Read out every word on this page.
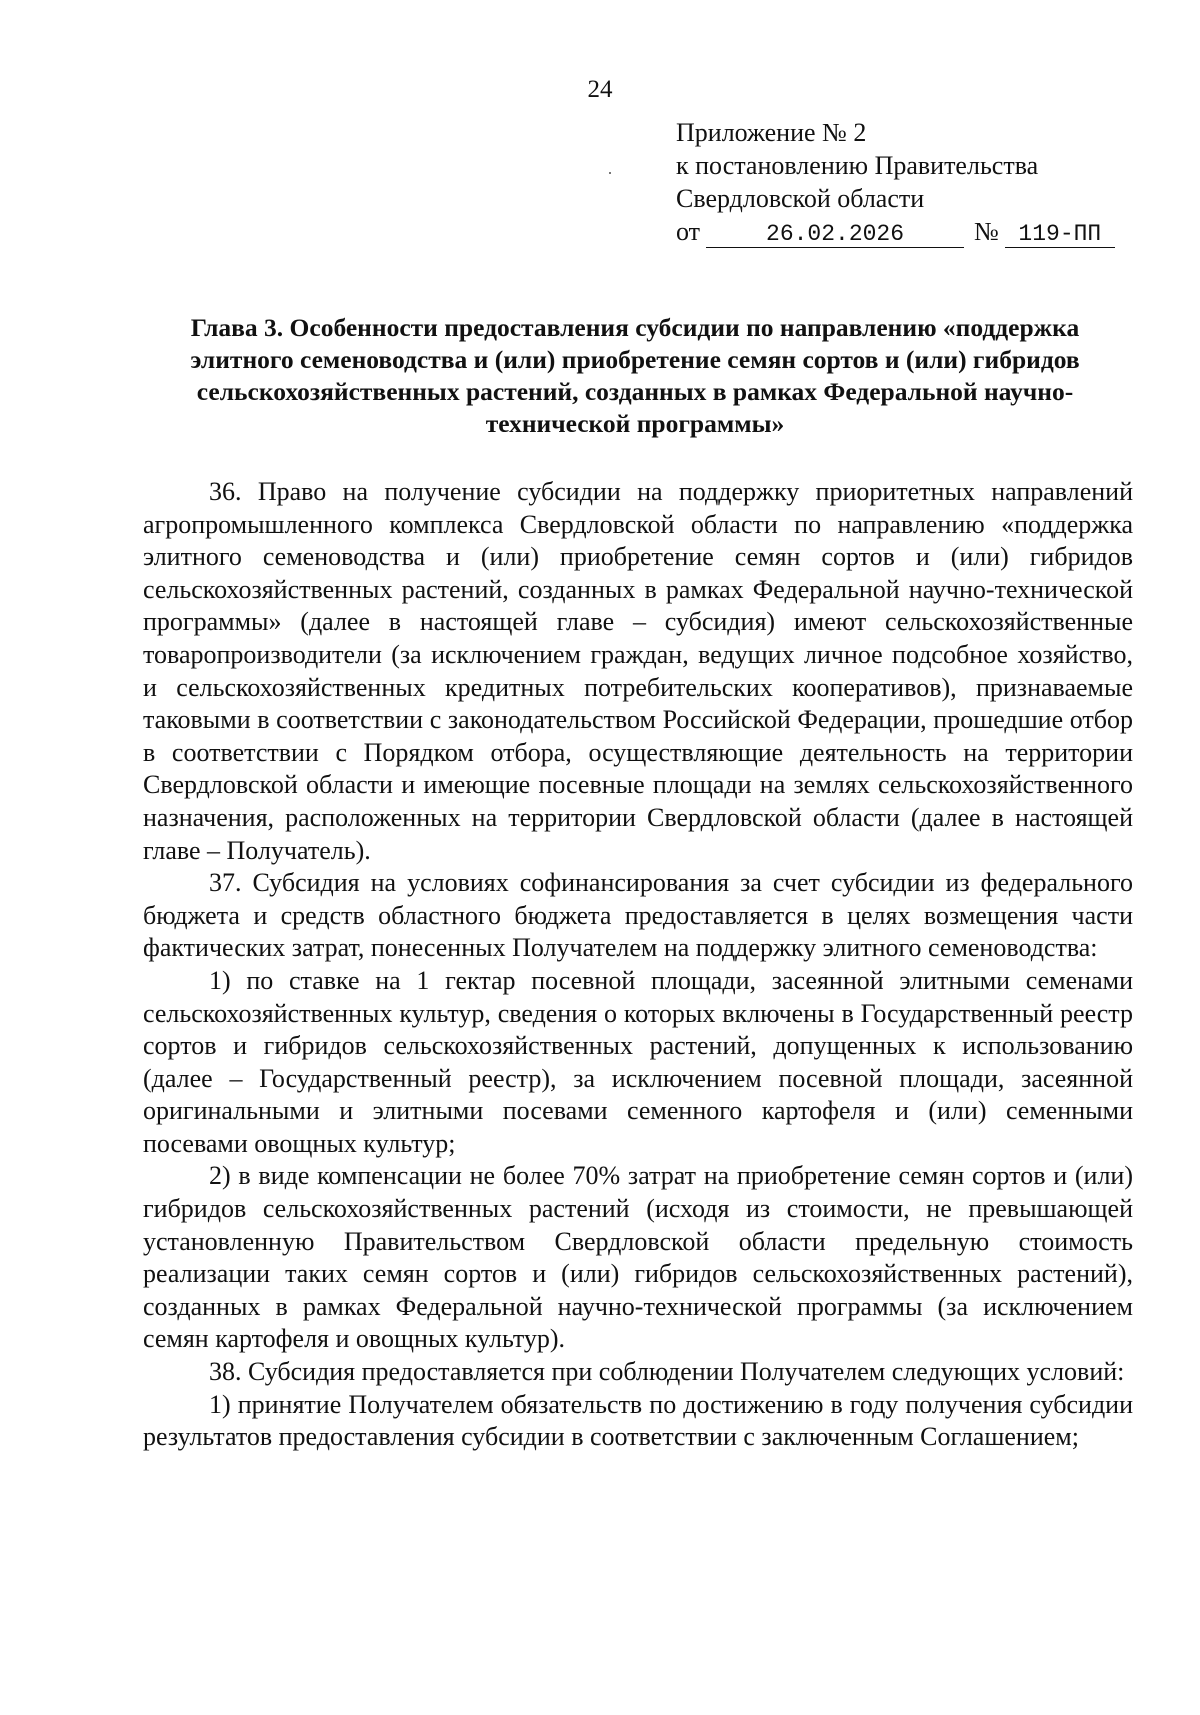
24
Приложение № 2
к постановлению Правительства
Свердловской области
от	26.02.2026	№ 119-ПП
Глава 3. Особенности предоставления субсидии по направлению «поддержка элитного семеноводства и (или) приобретение семян сортов и (или) гибридов сельскохозяйственных растений, созданных в рамках Федеральной научно-технической программы»

36. Право на получение субсидии на поддержку приоритетных направлений агропромышленного комплекса Свердловской области по направлению «поддержка элитного семеноводства и (или) приобретение семян сортов и (или) гибридов сельскохозяйственных растений, созданных в рамках Федеральной научно-технической программы» (далее в настоящей главе – субсидия) имеют сельскохозяйственные товаропроизводители (за исключением граждан, ведущих личное подсобное хозяйство, и сельскохозяйственных кредитных потребительских кооперативов), признаваемые таковыми в соответствии с законодательством Российской Федерации, прошедшие отбор в соответствии с Порядком отбора, осуществляющие деятельность на территории Свердловской области и имеющие посевные площади на землях сельскохозяйственного назначения, расположенных на территории Свердловской области (далее в настоящей главе – Получатель).

37. Субсидия на условиях софинансирования за счет субсидии из федерального бюджета и средств областного бюджета предоставляется в целях возмещения части фактических затрат, понесенных Получателем на поддержку элитного семеноводства:

1) по ставке на 1 гектар посевной площади, засеянной элитными семенами сельскохозяйственных культур, сведения о которых включены в Государственный реестр сортов и гибридов сельскохозяйственных растений, допущенных к использованию (далее – Государственный реестр), за исключением посевной площади, засеянной оригинальными и элитными посевами семенного картофеля и (или) семенными посевами овощных культур;

2) в виде компенсации не более 70% затрат на приобретение семян сортов и (или) гибридов сельскохозяйственных растений (исходя из стоимости, не превышающей установленную Правительством Свердловской области предельную стоимость реализации таких семян сортов и (или) гибридов сельскохозяйственных растений), созданных в рамках Федеральной научно-технической программы (за исключением семян картофеля и овощных культур).

38. Субсидия предоставляется при соблюдении Получателем следующих условий:

1) принятие Получателем обязательств по достижению в году получения субсидии результатов предоставления субсидии в соответствии с заключенным Соглашением;
